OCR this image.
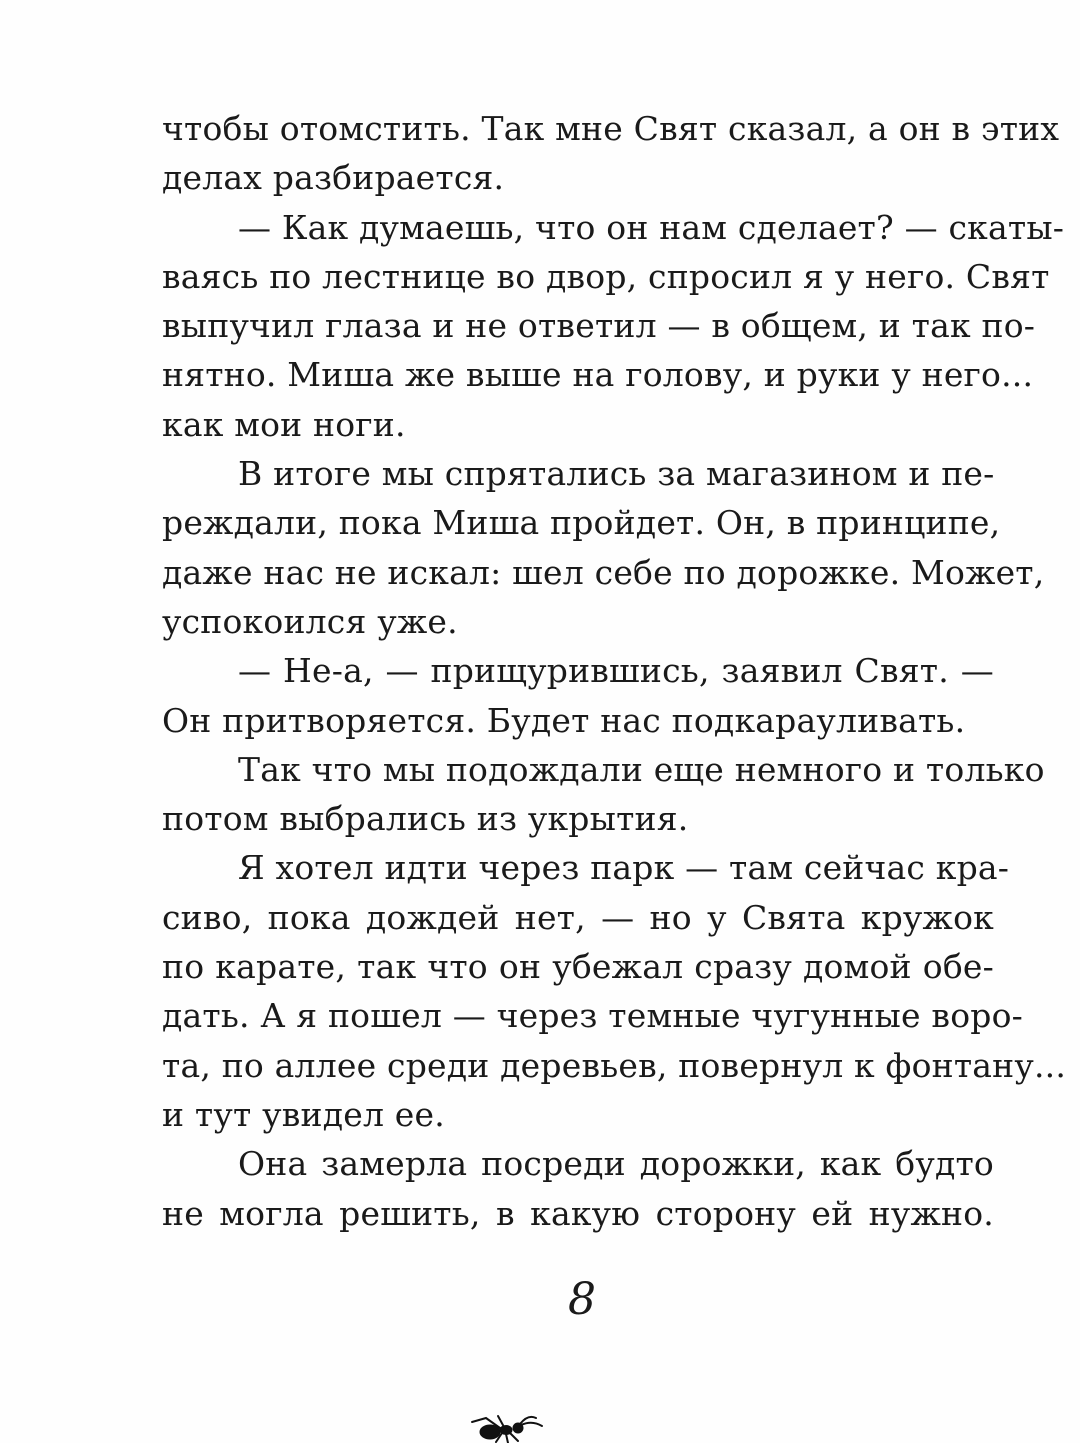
чтобы отомстить. Так мне Свят сказал, а он в этих
делах разбирается.
— Как думаешь, что он нам сделает? — скаты-
ваясь по лестнице во двор, спросил я у него. Свят
выпучил глаза и не ответил — в общем, и так по-
нятно. Миша же выше на голову, и руки у него...
как мои ноги.
В итоге мы спрятались за магазином и пе-
реждали, пока Миша пройдет. Он, в принципе,
даже нас не искал: шел себе по дорожке. Может,
успокоился уже.
— Не-а, — прищурившись, заявил Свят. —
Он притворяется. Будет нас подкарауливать.
Так что мы подождали еще немного и только
потом выбрались из укрытия.
Я хотел идти через парк — там сейчас кра-
сиво, пока дождей нет, — но у Свята кружок
по карате, так что он убежал сразу домой обе-
дать. А я пошел — через темные чугунные воро-
та, по аллее среди деревьев, повернул к фонтану...
и тут увидел ее.
Она замерла посреди дорожки, как будто
не могла решить, в какую сторону ей нужно.
8
